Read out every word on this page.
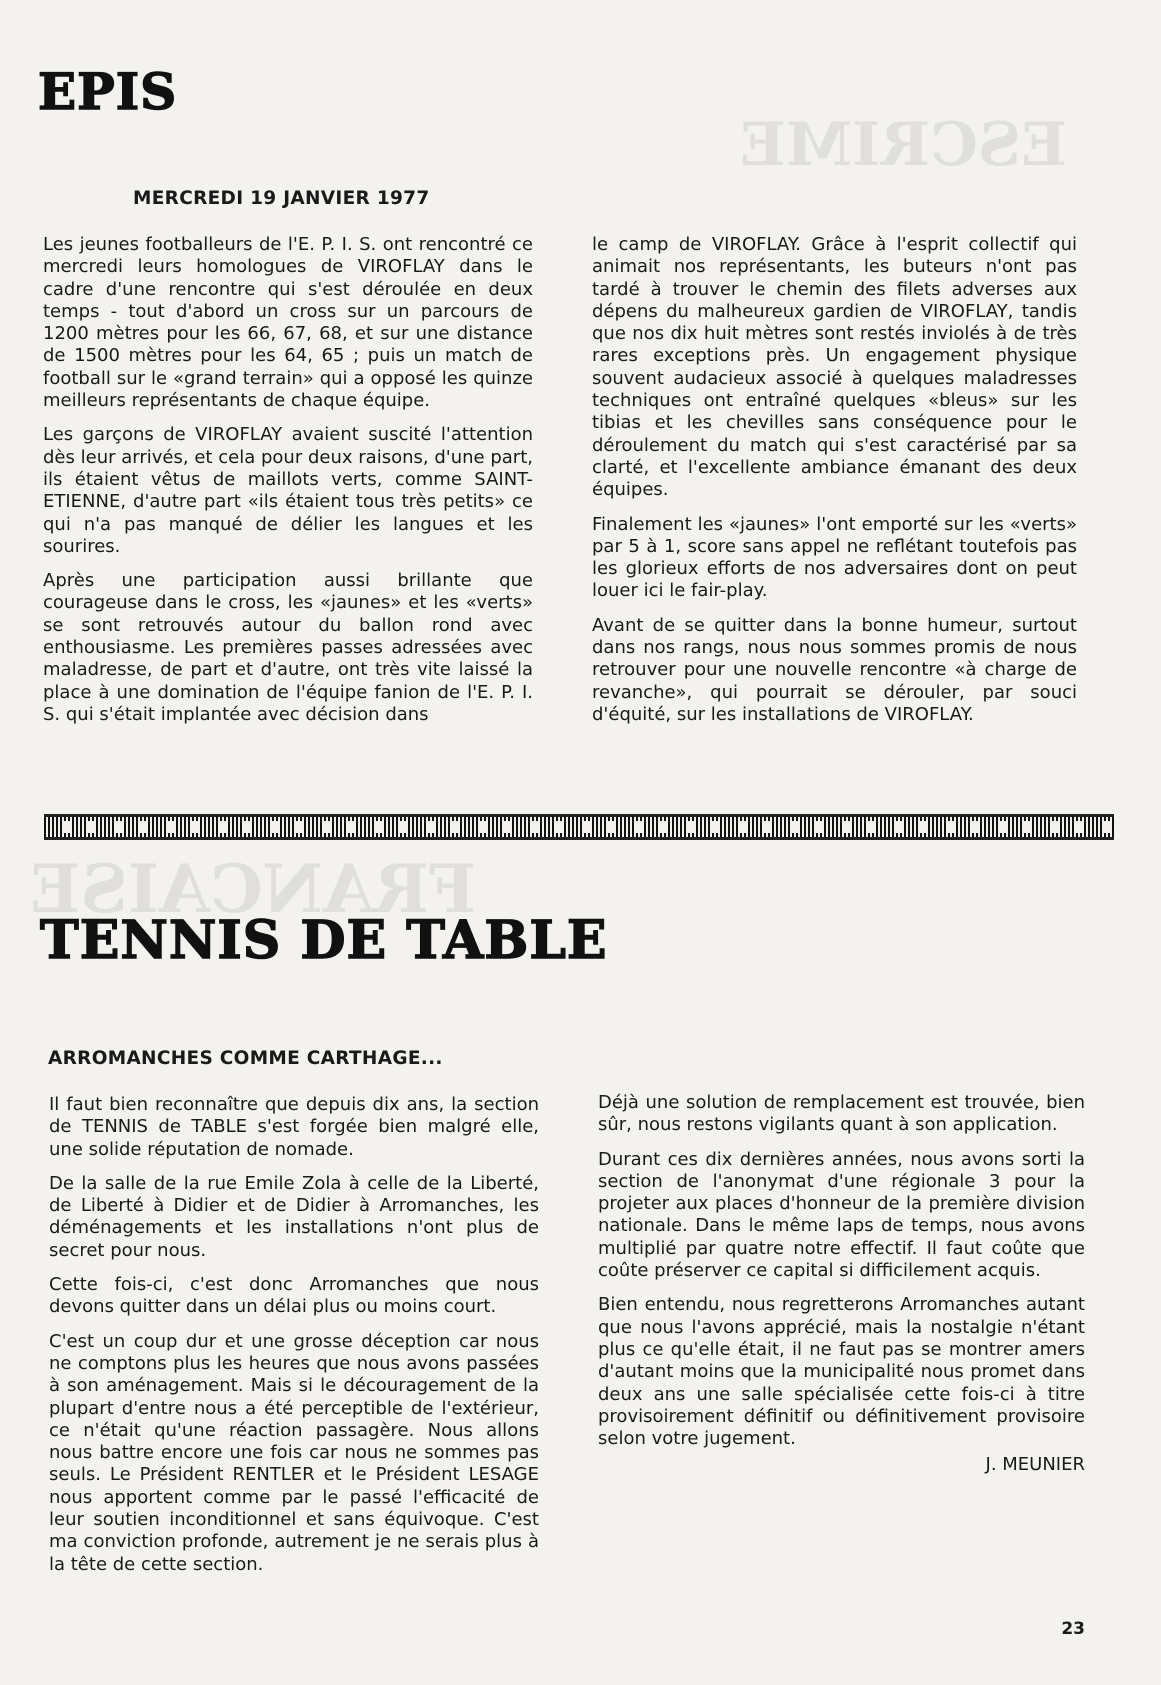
ESCRIME
FRANCAISE
EPIS
MERCREDI 19 JANVIER 1977

Les jeunes footballeurs de l'E. P. I. S. ont rencontré ce mercredi leurs homologues de VIROFLAY dans le cadre d'une rencontre qui s'est déroulée en deux temps - tout d'abord un cross sur un parcours de 1200 mètres pour les 66, 67, 68, et sur une distance de 1500 mètres pour les 64, 65 ; puis un match de football sur le «grand terrain» qui a opposé les quinze meilleurs représentants de chaque équipe.

Les garçons de VIROFLAY avaient suscité l'attention dès leur arrivés, et cela pour deux raisons, d'une part, ils étaient vêtus de maillots verts, comme SAINT-ETIENNE, d'autre part «ils étaient tous très petits» ce qui n'a pas manqué de délier les langues et les sourires.

Après une participation aussi brillante que courageuse dans le cross, les «jaunes» et les «verts» se sont retrouvés autour du ballon rond avec enthousiasme. Les premières passes adressées avec maladresse, de part et d'autre, ont très vite laissé la place à une domination de l'équipe fanion de l'E. P. I. S. qui s'était implantée avec décision dans

le camp de VIROFLAY. Grâce à l'esprit collectif qui animait nos représentants, les buteurs n'ont pas tardé à trouver le chemin des filets adverses aux dépens du malheureux gardien de VIROFLAY, tandis que nos dix huit mètres sont restés inviolés à de très rares exceptions près. Un engagement physique souvent audacieux associé à quelques maladresses techniques ont entraîné quelques «bleus» sur les tibias et les chevilles sans conséquence pour le déroulement du match qui s'est caractérisé par sa clarté, et l'excellente ambiance émanant des deux équipes.

Finalement les «jaunes» l'ont emporté sur les «verts» par 5 à 1, score sans appel ne reflétant toutefois pas les glorieux efforts de nos adversaires dont on peut louer ici le fair-play.

Avant de se quitter dans la bonne humeur, surtout dans nos rangs, nous nous sommes promis de nous retrouver pour une nouvelle rencontre «à charge de revanche», qui pourrait se dérouler, par souci d'équité, sur les installations de VIROFLAY.

TENNIS DE TABLE
ARROMANCHES COMME CARTHAGE...

Il faut bien reconnaître que depuis dix ans, la section de TENNIS de TABLE s'est forgée bien malgré elle, une solide réputation de nomade.

De la salle de la rue Emile Zola à celle de la Liberté, de Liberté à Didier et de Didier à Arromanches, les déménagements et les installations n'ont plus de secret pour nous.

Cette fois-ci, c'est donc Arromanches que nous devons quitter dans un délai plus ou moins court.

C'est un coup dur et une grosse déception car nous ne comptons plus les heures que nous avons passées à son aménagement. Mais si le découragement de la plupart d'entre nous a été perceptible de l'extérieur, ce n'était qu'une réaction passagère. Nous allons nous battre encore une fois car nous ne sommes pas seuls. Le Président RENTLER et le Président LESAGE nous apportent comme par le passé l'efficacité de leur soutien inconditionnel et sans équivoque. C'est ma conviction profonde, autrement je ne serais plus à la tête de cette section.

Déjà une solution de remplacement est trouvée, bien sûr, nous restons vigilants quant à son application.

Durant ces dix dernières années, nous avons sorti la section de l'anonymat d'une régionale 3 pour la projeter aux places d'honneur de la première division nationale. Dans le même laps de temps, nous avons multiplié par quatre notre effectif. Il faut coûte que coûte préserver ce capital si difficilement acquis.

Bien entendu, nous regretterons Arromanches autant que nous l'avons apprécié, mais la nostalgie n'étant plus ce qu'elle était, il ne faut pas se montrer amers d'autant moins que la municipalité nous promet dans deux ans une salle spécialisée cette fois-ci à titre provisoirement définitif ou définitivement provisoire selon votre jugement.

J. MEUNIER
23
